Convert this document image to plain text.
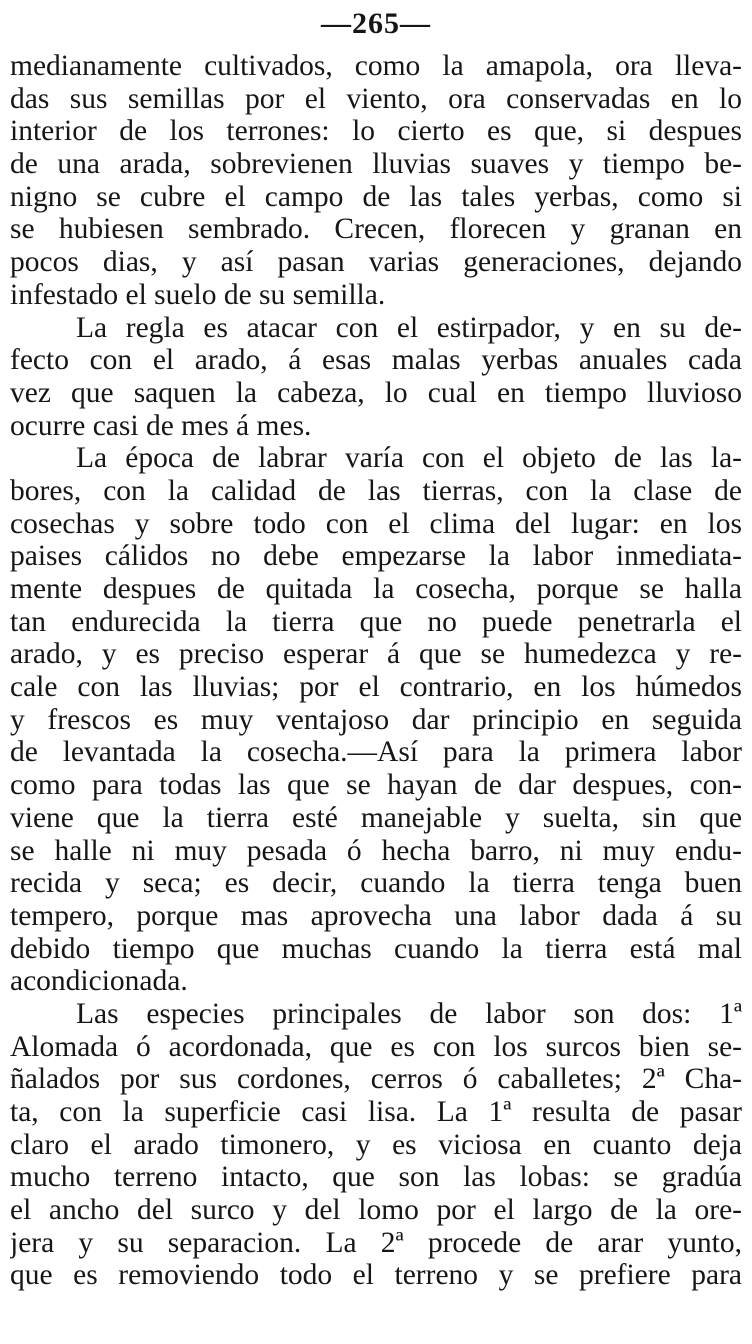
—265—
medianamente cultivados, como la amapola, ora lleva-
das sus semillas por el viento, ora conservadas en lo
interior de los terrones: lo cierto es que, si despues
de una arada, sobrevienen lluvias suaves y tiempo be-
nigno se cubre el campo de las tales yerbas, como si
se hubiesen sembrado. Crecen, florecen y granan en
pocos dias, y así pasan varias generaciones, dejando
infestado el suelo de su semilla.
La regla es atacar con el estirpador, y en su de-
fecto con el arado, á esas malas yerbas anuales cada
vez que saquen la cabeza, lo cual en tiempo lluvioso
ocurre casi de mes á mes.
La época de labrar varía con el objeto de las la-
bores, con la calidad de las tierras, con la clase de
cosechas y sobre todo con el clima del lugar: en los
paises cálidos no debe empezarse la labor inmediata-
mente despues de quitada la cosecha, porque se halla
tan endurecida la tierra que no puede penetrarla el
arado, y es preciso esperar á que se humedezca y re-
cale con las lluvias; por el contrario, en los húmedos
y frescos es muy ventajoso dar principio en seguida
de levantada la cosecha.—Así para la primera labor
como para todas las que se hayan de dar despues, con-
viene que la tierra esté manejable y suelta, sin que
se halle ni muy pesada ó hecha barro, ni muy endu-
recida y seca; es decir, cuando la tierra tenga buen
tempero, porque mas aprovecha una labor dada á su
debido tiempo que muchas cuando la tierra está mal
acondicionada.
Las especies principales de labor son dos: 1ª
Alomada ó acordonada, que es con los surcos bien se-
ñalados por sus cordones, cerros ó caballetes; 2ª Cha-
ta, con la superficie casi lisa. La 1ª resulta de pasar
claro el arado timonero, y es viciosa en cuanto deja
mucho terreno intacto, que son las lobas: se gradúa
el ancho del surco y del lomo por el largo de la ore-
jera y su separacion. La 2ª procede de arar yunto,
que es removiendo todo el terreno y se prefiere para
